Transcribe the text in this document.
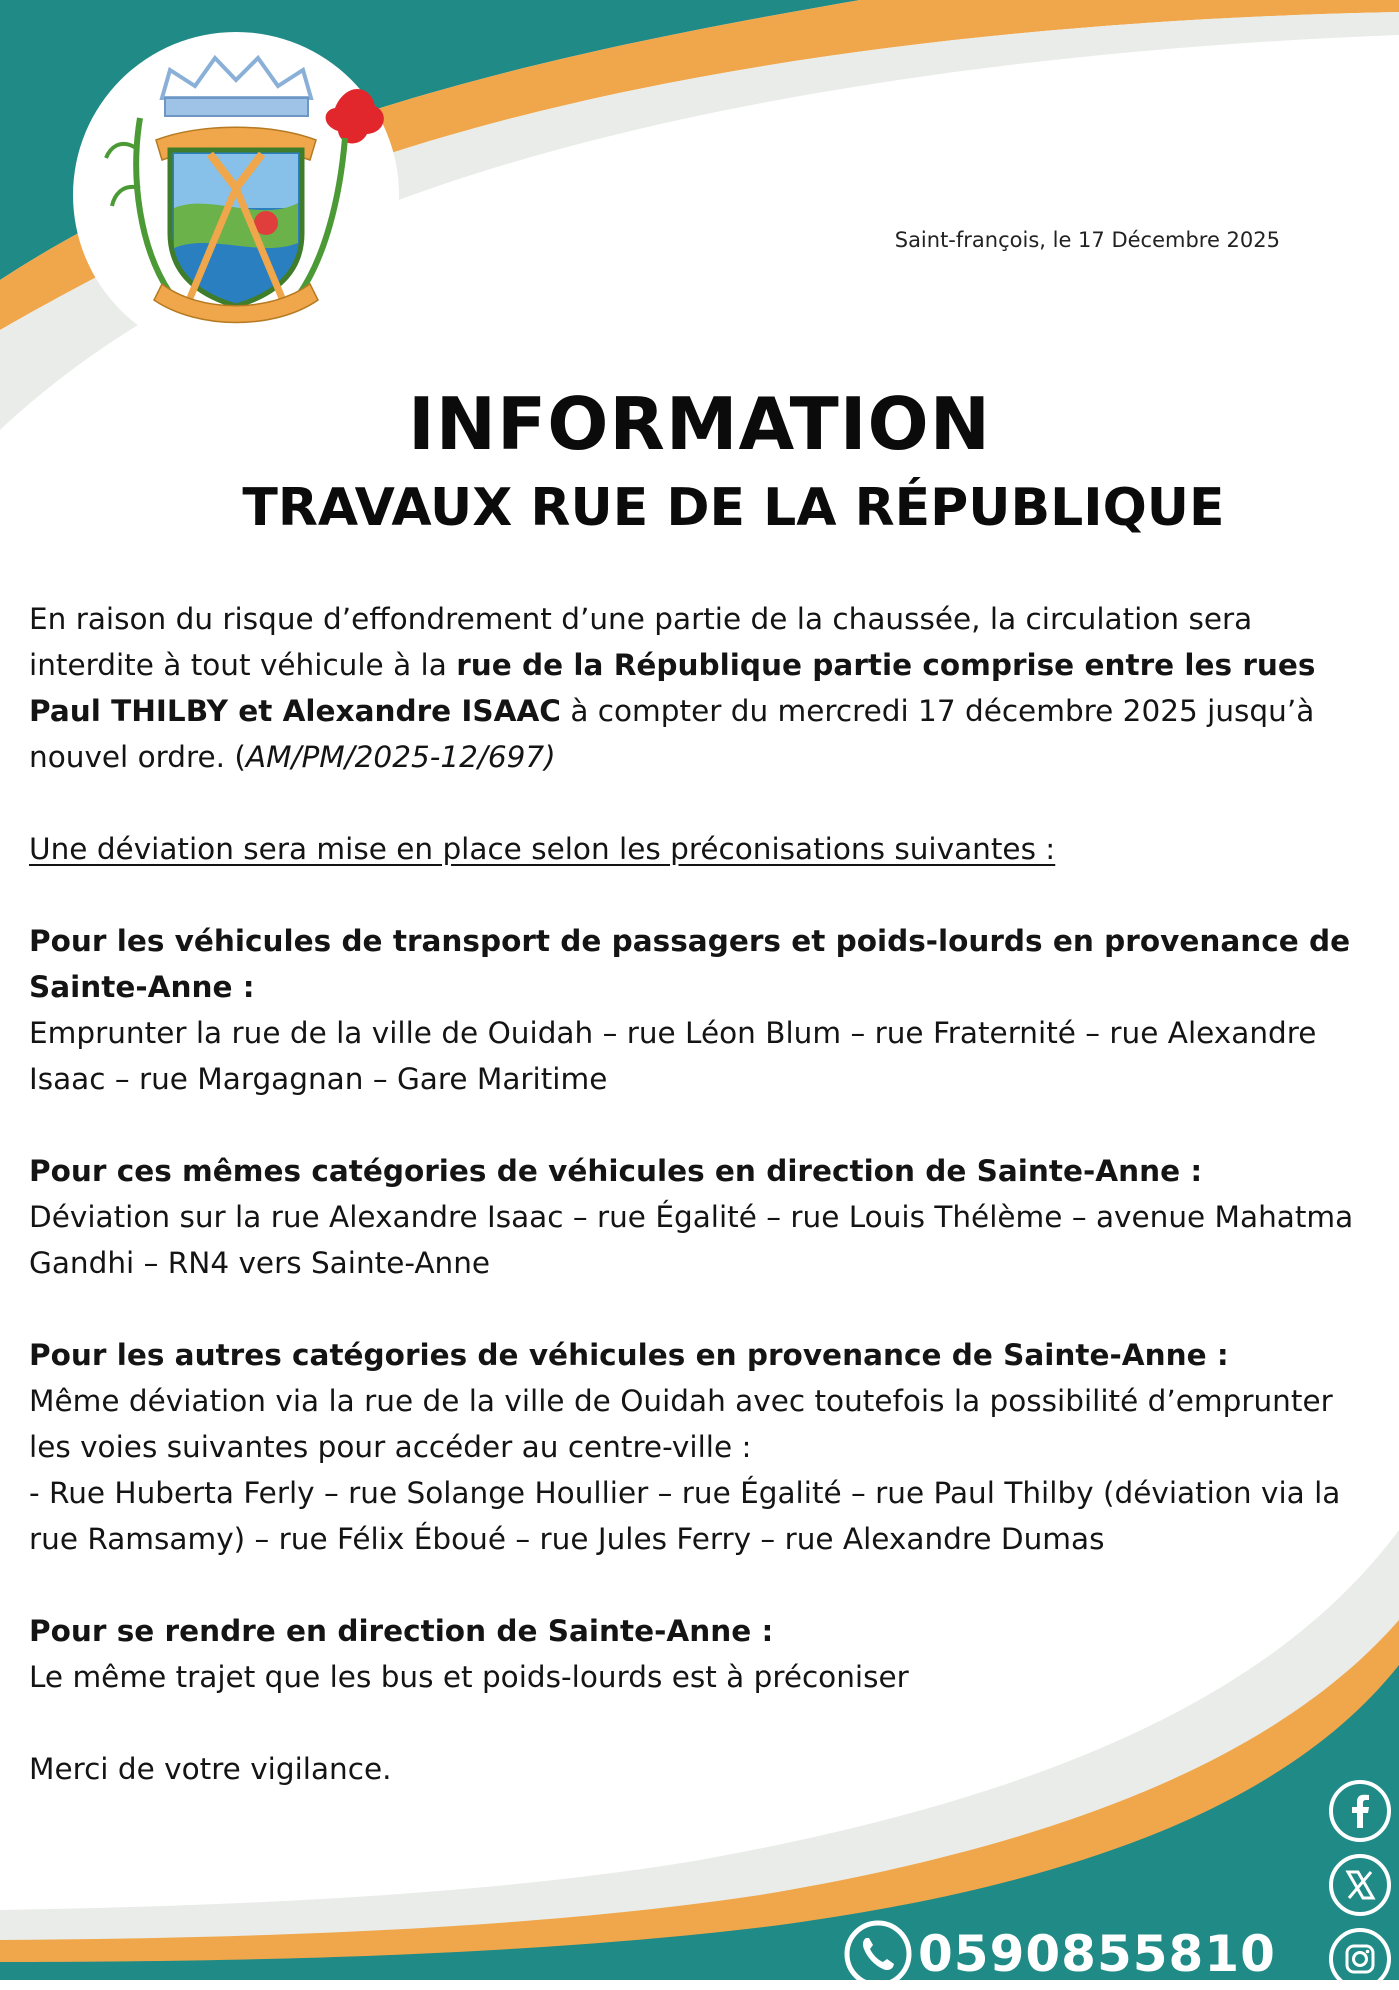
Saint-françois, le 17 Décembre 2025
INFORMATION
TRAVAUX RUE DE LA RÉPUBLIQUE

En raison du risque d’effondrement d’une partie de la chaussée, la circulation sera interdite à tout véhicule à la rue de la République partie comprise entre les rues Paul THILBY et Alexandre ISAAC à compter du mercredi 17 décembre 2025 jusqu’à nouvel ordre. (AM/PM/2025-12/697)

Une déviation sera mise en place selon les préconisations suivantes :

Pour les véhicules de transport de passagers et poids-lourds en provenance de Sainte-Anne :

Emprunter la rue de la ville de Ouidah – rue Léon Blum – rue Fraternité – rue Alexandre Isaac – rue Margagnan – Gare Maritime

Pour ces mêmes catégories de véhicules en direction de Sainte-Anne :

Déviation sur la rue Alexandre Isaac – rue Égalité – rue Louis Thélème – avenue Mahatma Gandhi – RN4 vers Sainte-Anne

Pour les autres catégories de véhicules en provenance de Sainte-Anne :

Même déviation via la rue de la ville de Ouidah avec toutefois la possibilité d’emprunter les voies suivantes pour accéder au centre-ville :

- Rue Huberta Ferly – rue Solange Houllier – rue Égalité – rue Paul Thilby (déviation via la rue Ramsamy) – rue Félix Éboué – rue Jules Ferry – rue Alexandre Dumas

Pour se rendre en direction de Sainte-Anne :

Le même trajet que les bus et poids-lourds est à préconiser

Merci de votre vigilance.

0590855810
